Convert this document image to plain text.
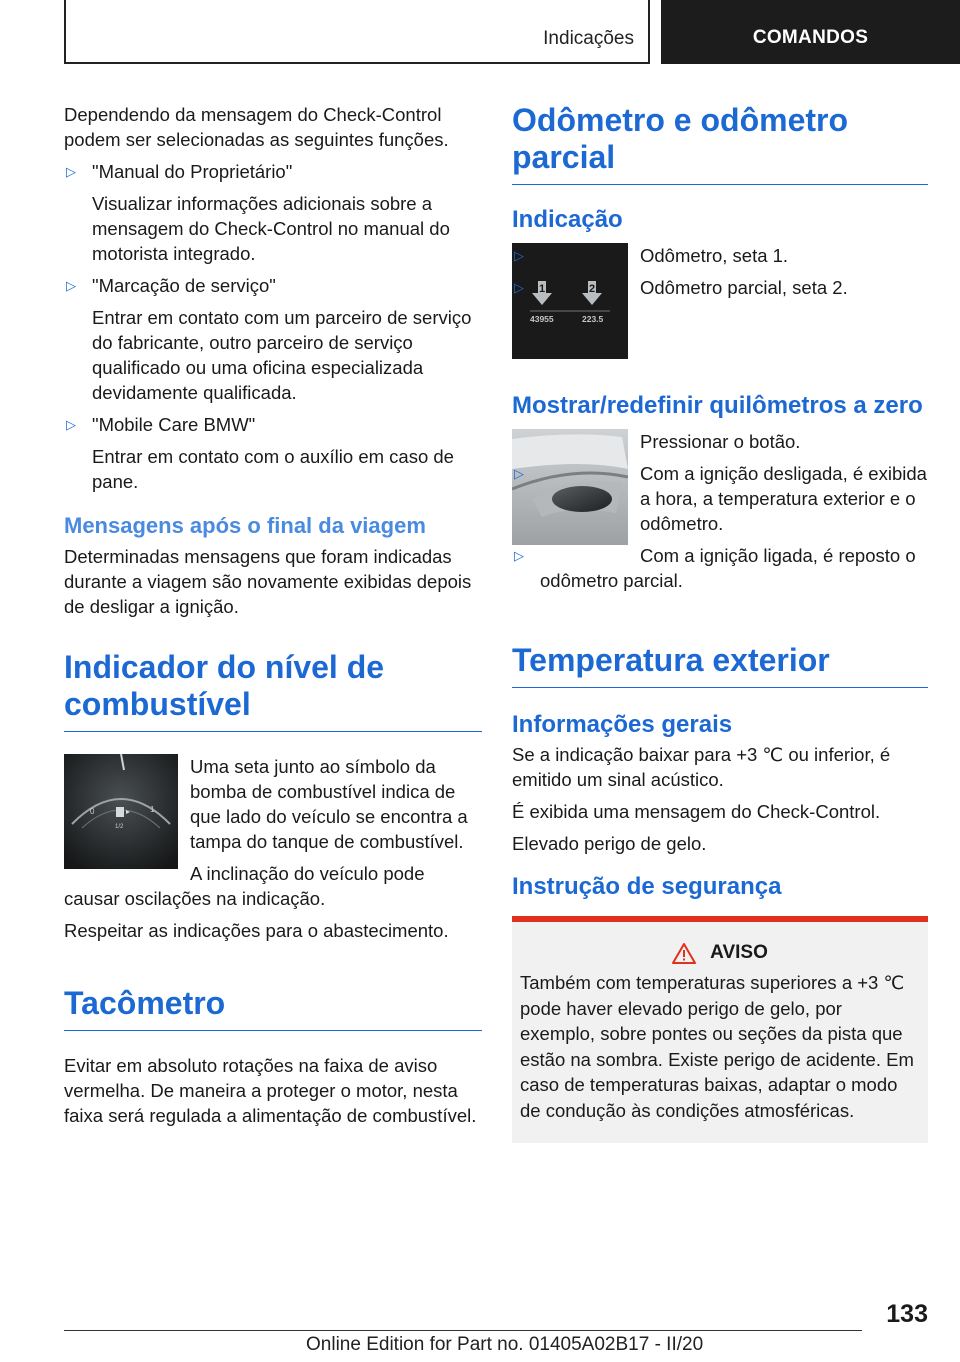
Indicações	COMANDOS

Dependendo da mensagem do Check-Control podem ser selecionadas as seguintes funções.

▷ "Manual do Proprietário"
Visualizar informações adicionais sobre a mensagem do Check-Control no manual do motorista integrado.
▷ "Marcação de serviço"
Entrar em contato com um parceiro de serviço do fabricante, outro parceiro de serviço qualificado ou uma oficina especializada devidamente qualificada.
▷ "Mobile Care BMW"
Entrar em contato com o auxílio em caso de pane.
Mensagens após o final da viagem

Determinadas mensagens que foram indicadas durante a viagem são novamente exibidas depois de desligar a ignição.

Indicador do nível de combustível
0	1
1/2

Uma seta junto ao símbolo da bomba de combustível indica de que lado do veículo se encontra a tampa do tanque de combustível.

A inclinação do veículo pode causar oscilações na indicação.

Respeitar as indicações para o abastecimento.

Tacômetro

Evitar em absoluto rotações na faixa de aviso vermelha. De maneira a proteger o motor, nesta faixa será regulada a alimentação de combustível.

Odômetro e odômetro parcial
Indicação
1	2
43955	223.5
▷	Odômetro, seta 1.
▷	Odômetro parcial, seta 2.
Mostrar/redefinir quilômetros a zero

Pressionar o botão.

▷	Com a ignição desligada, é exibida a hora, a temperatura exterior e o odômetro.
▷	Com a ignição ligada, é reposto o odômetro parcial.
Temperatura exterior
Informações gerais

Se a indicação baixar para +3 ℃ ou inferior, é emitido um sinal acústico.

É exibida uma mensagem do Check-Control.

Elevado perigo de gelo.

Instrução de segurança
AVISO

Também com temperaturas superiores a +3 ℃ pode haver elevado perigo de gelo, por exemplo, sobre pontes ou seções da pista que estão na sombra. Existe perigo de acidente. Em caso de temperaturas baixas, adaptar o modo de condução às condições atmosféricas.

133
Online Edition for Part no. 01405A02B17 - II/20
